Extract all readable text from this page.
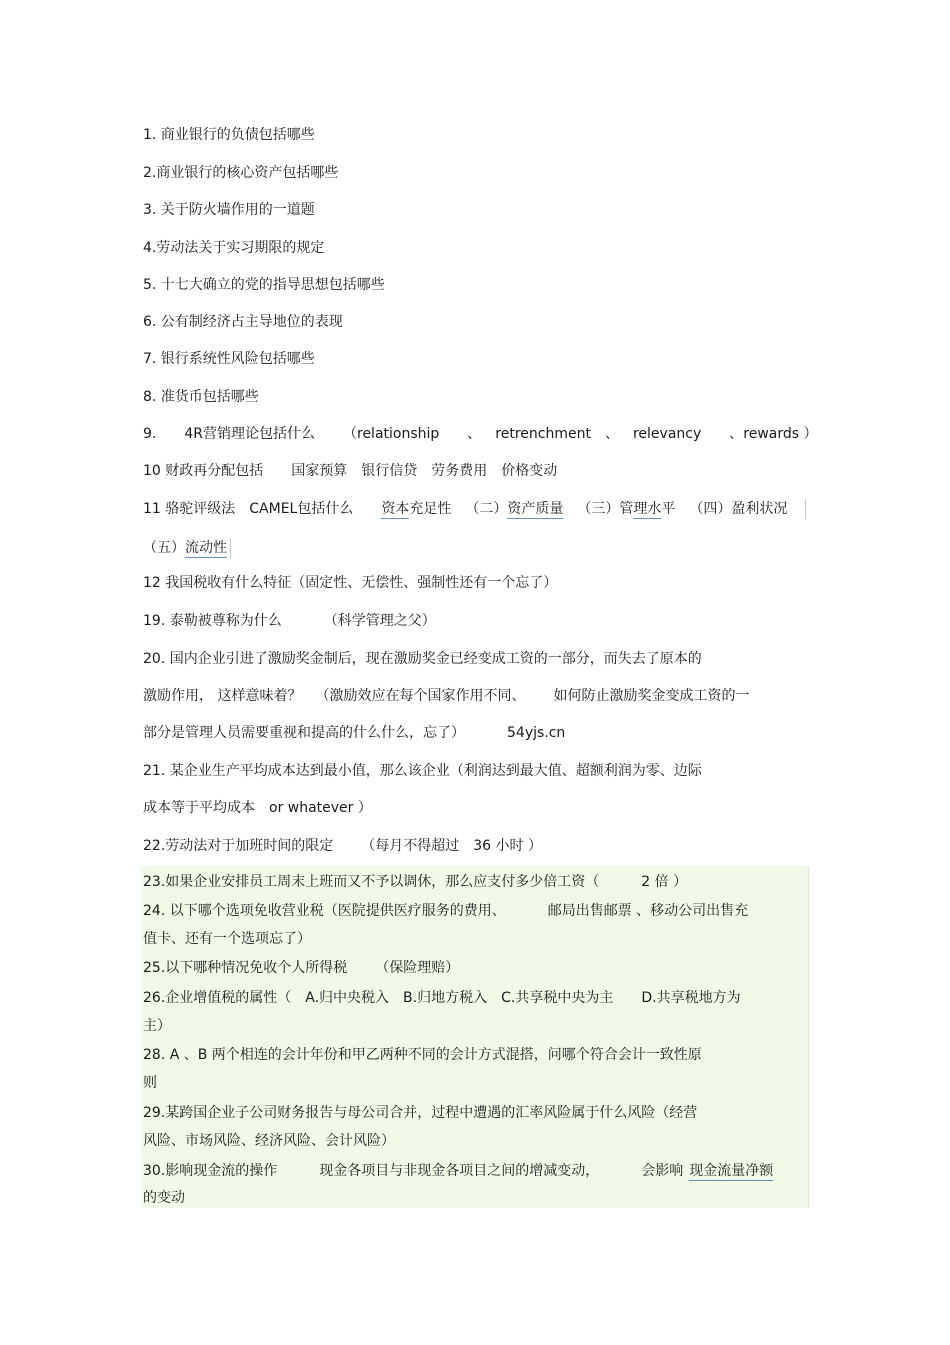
1. 商业银行的负债包括哪些
2.商业银行的核心资产包括哪些
3. 关于防火墙作用的一道题
4.劳动法关于实习期限的规定
5. 十七大确立的党的指导思想包括哪些
6. 公有制经济占主导地位的表现
7. 银行系统性风险包括哪些
8. 准货币包括哪些
9. 4R营销理论包括什么 （relationship 、 retrenchment 、 relevancy 、rewards ）
10 财政再分配包括 国家预算 银行信贷 劳务费用 价格变动
11 骆驼评级法 CAMEL包括什么 资本充足性 （二）资产质量 （三）管理水平 （四）盈利状况
（五）流动性
12 我国税收有什么特征（固定性、无偿性、强制性还有一个忘了）
19. 泰勒被尊称为什么	（科学管理之父）
20. 国内企业引进了激励奖金制后，现在激励奖金已经变成工资的一部分，而失去了原本的
激励作用， 这样意味着？ （激励效应在每个国家作用不同、 如何防止激励奖金变成工资的一
部分是管理人员需要重视和提高的什么什么，忘了）	54yjs.cn
21. 某企业生产平均成本达到最小值，那么该企业（利润达到最大值、超额利润为零、边际
成本等于平均成本 or whatever ）
22.劳动法对于加班时间的限定 （每月不得超过 36 小时 ）
23.如果企业安排员工周末上班而又不予以调休，那么应支付多少倍工资（	2 倍 ）
24. 以下哪个选项免收营业税（医院提供医疗服务的费用、	邮局出售邮票 、移动公司出售充
值卡、还有一个选项忘了）
25.以下哪种情况免收个人所得税 （保险理赔）
26.企业增值税的属性（ A.归中央税入 B.归地方税入 C.共享税中央为主 D.共享税地方为
主）
28. A 、B 两个相连的会计年份和甲乙两种不同的会计方式混搭，问哪个符合会计一致性原
则
29.某跨国企业子公司财务报告与母公司合并，过程中遭遇的汇率风险属于什么风险（经营
风险、市场风险、经济风险、会计风险）
30.影响现金流的操作	现金各项目与非现金各项目之间的增减变动，	会影响 现金流量净额
的变动
